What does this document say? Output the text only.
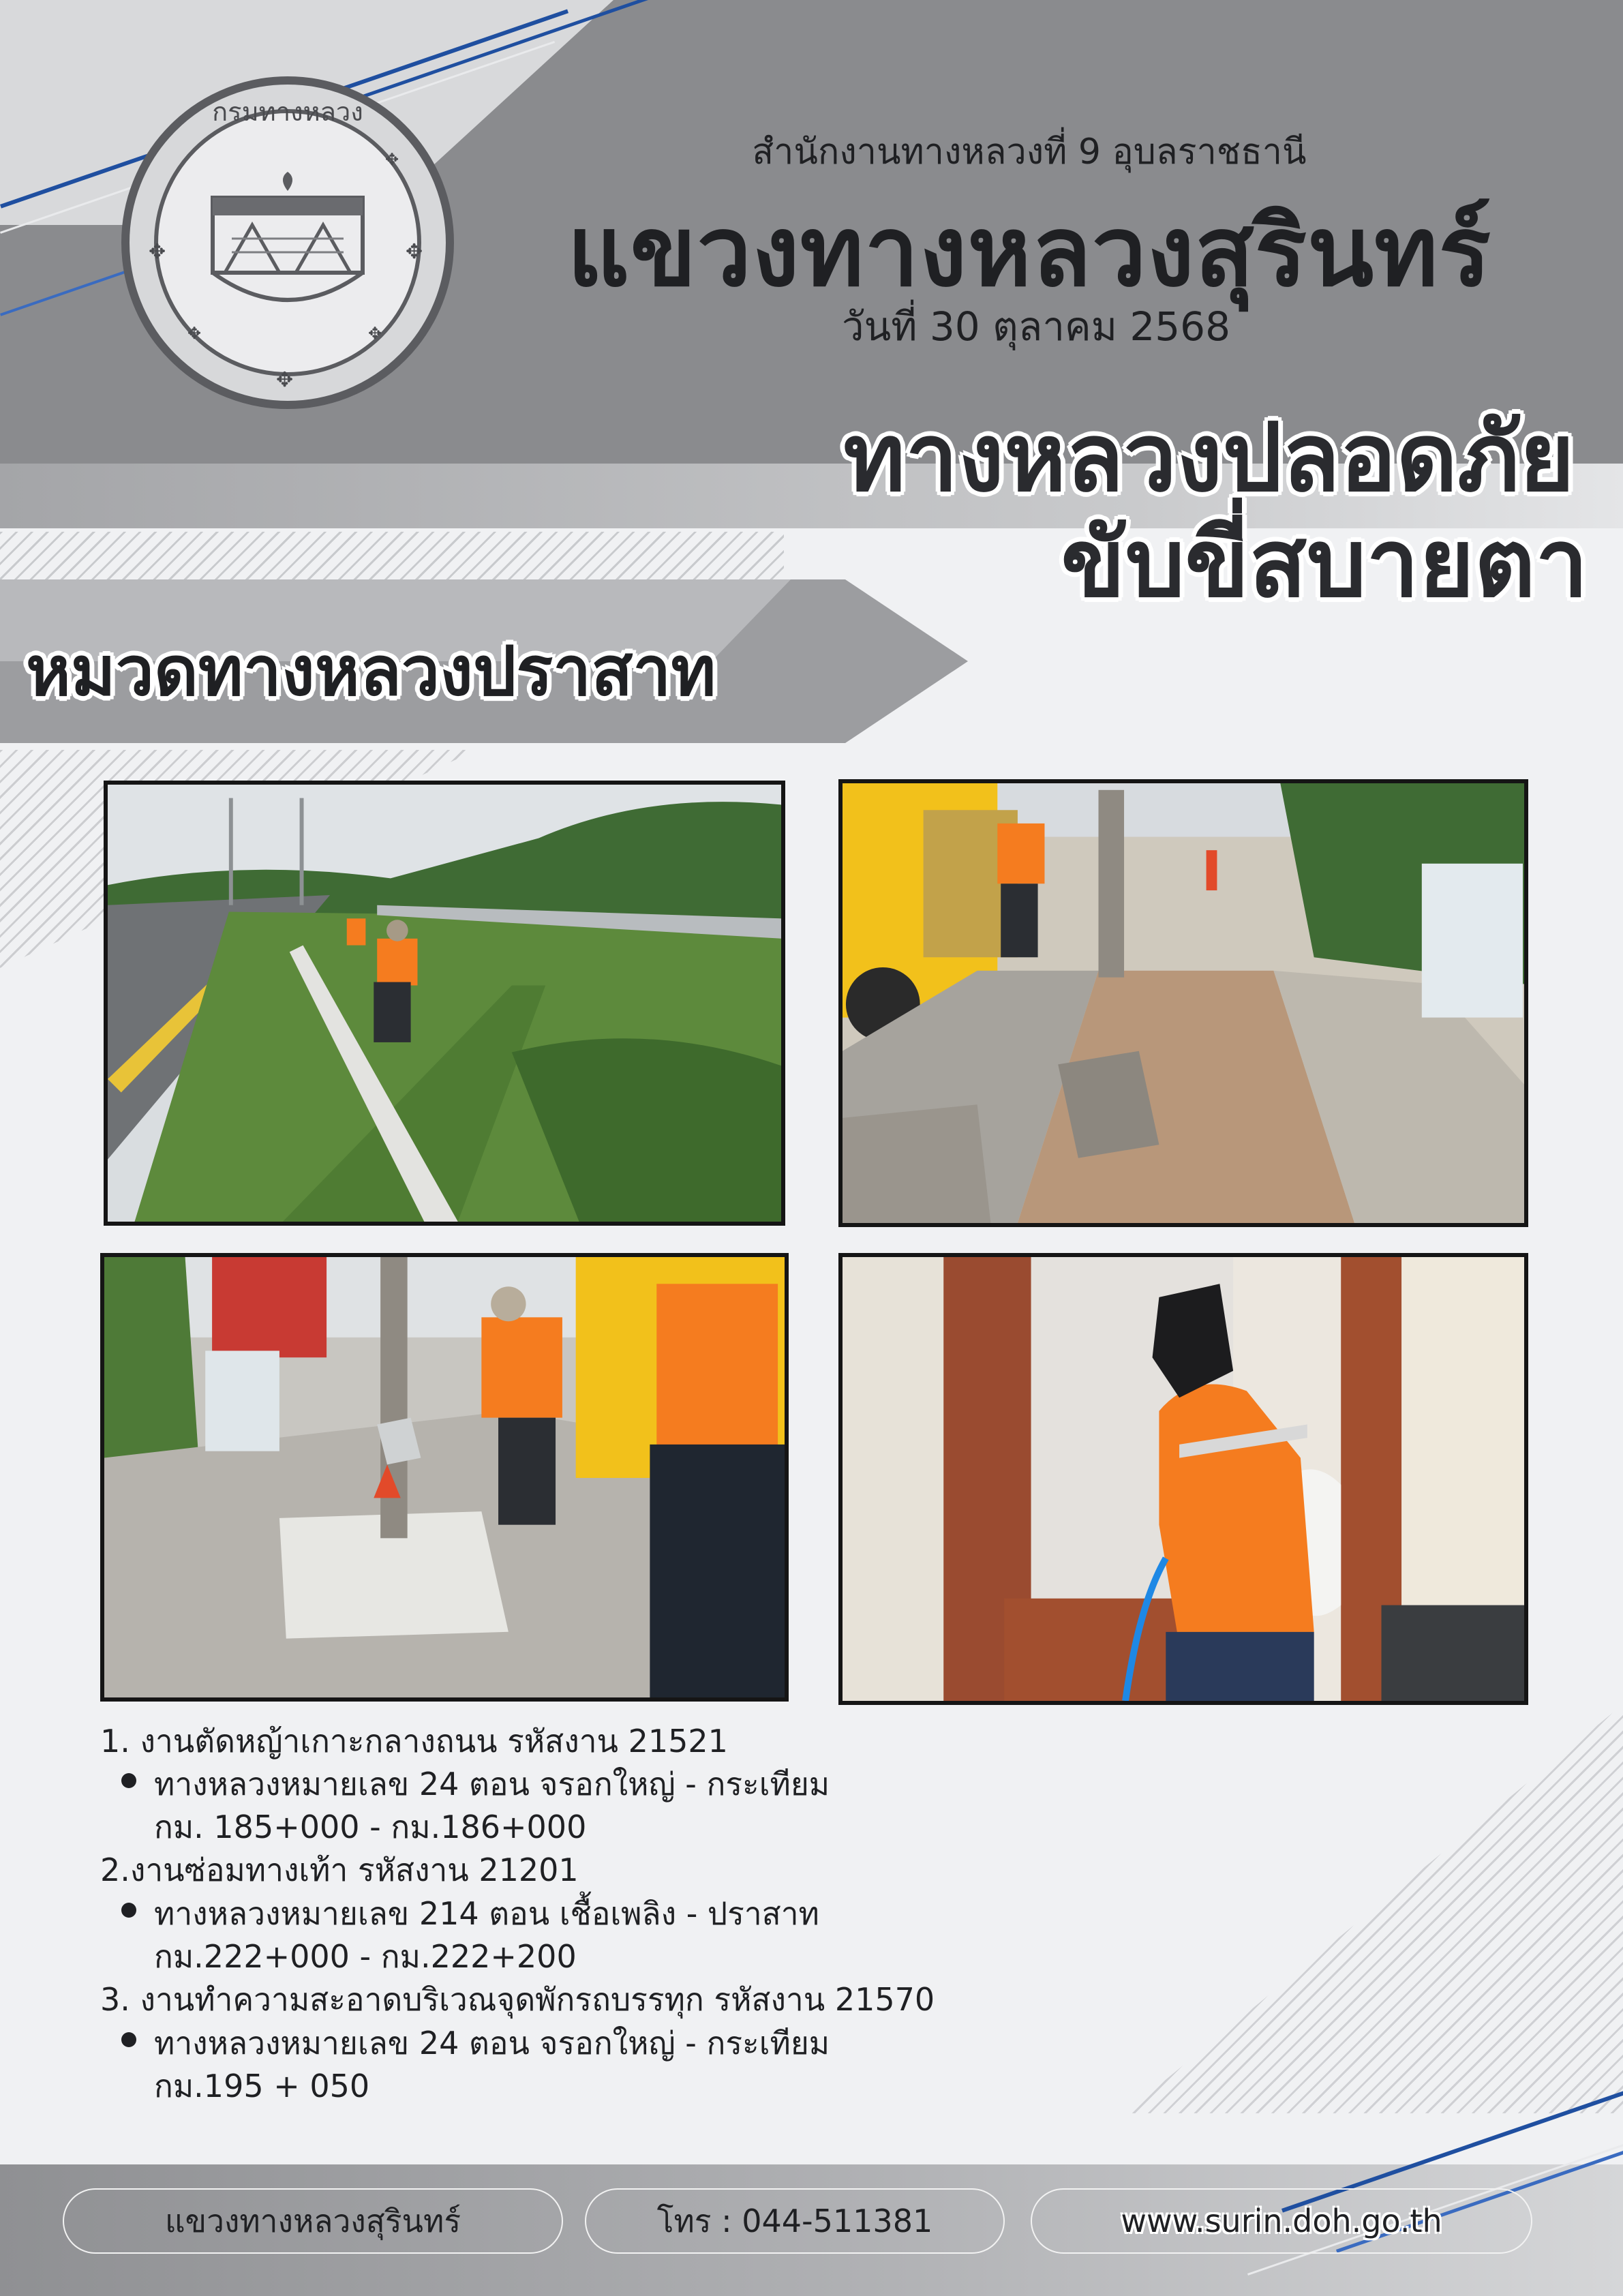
กรมทางหลวง
✥	✥
✥
✥	✥
✥	สำนักงานทางหลวงที่ 9 อุบลราชธานี
แขวงทางหลวงสุรินทร์
วันที่ 30 ตุลาคม 2568
ทางหลวงปลอดภัย
ขับขี่สบายตา
หมวดทางหลวงปราสาท
1. งานตัดหญ้าเกาะกลางถนน รหัสงาน 21521
ทางหลวงหมายเลข 24 ตอน จรอกใหญ่ - กระเทียม
กม. 185+000 - กม.186+000
2.งานซ่อมทางเท้า รหัสงาน 21201
ทางหลวงหมายเลข 214 ตอน เชื้อเพลิง - ปราสาท
กม.222+000 - กม.222+200
3. งานทำความสะอาดบริเวณจุดพักรถบรรทุก รหัสงาน 21570
ทางหลวงหมายเลข 24 ตอน จรอกใหญ่ - กระเทียม
กม.195 + 050
แขวงทางหลวงสุรินทร์	โทร : 044-511381	www.surin.doh.go.th
